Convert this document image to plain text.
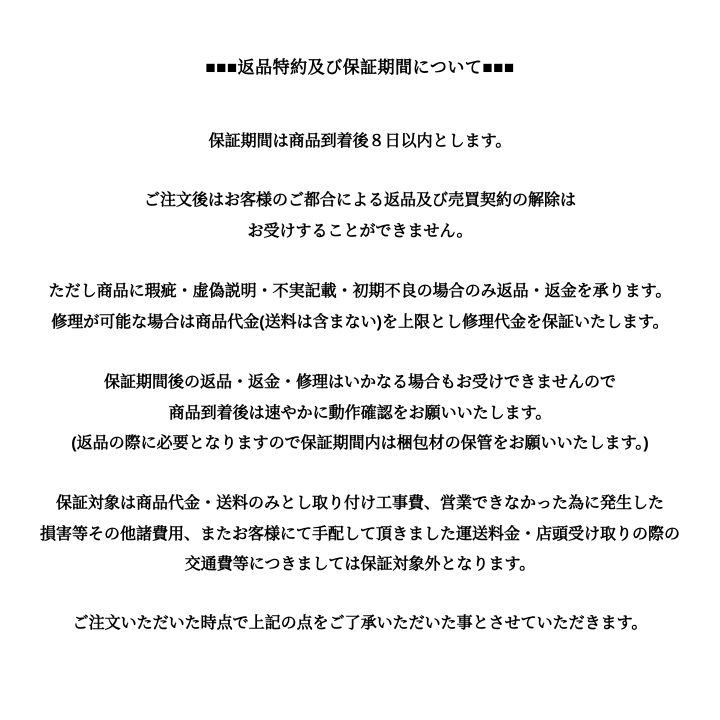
■■■返品特約及び保証期間について■■■
保証期間は商品到着後８日以内とします。
ご注文後はお客様のご都合による返品及び売買契約の解除は
お受けすることができません。
ただし商品に瑕疵・虚偽説明・不実記載・初期不良の場合のみ返品・返金を承ります。
修理が可能な場合は商品代金(送料は含まない)を上限とし修理代金を保証いたします。
保証期間後の返品・返金・修理はいかなる場合もお受けできませんので
商品到着後は速やかに動作確認をお願いいたします。
(返品の際に必要となりますので保証期間内は梱包材の保管をお願いいたします。)
保証対象は商品代金・送料のみとし取り付け工事費、営業できなかった為に発生した
損害等その他諸費用、またお客様にて手配して頂きました運送料金・店頭受け取りの際の
交通費等につきましては保証対象外となります。
ご注文いただいた時点で上記の点をご了承いただいた事とさせていただきます。
